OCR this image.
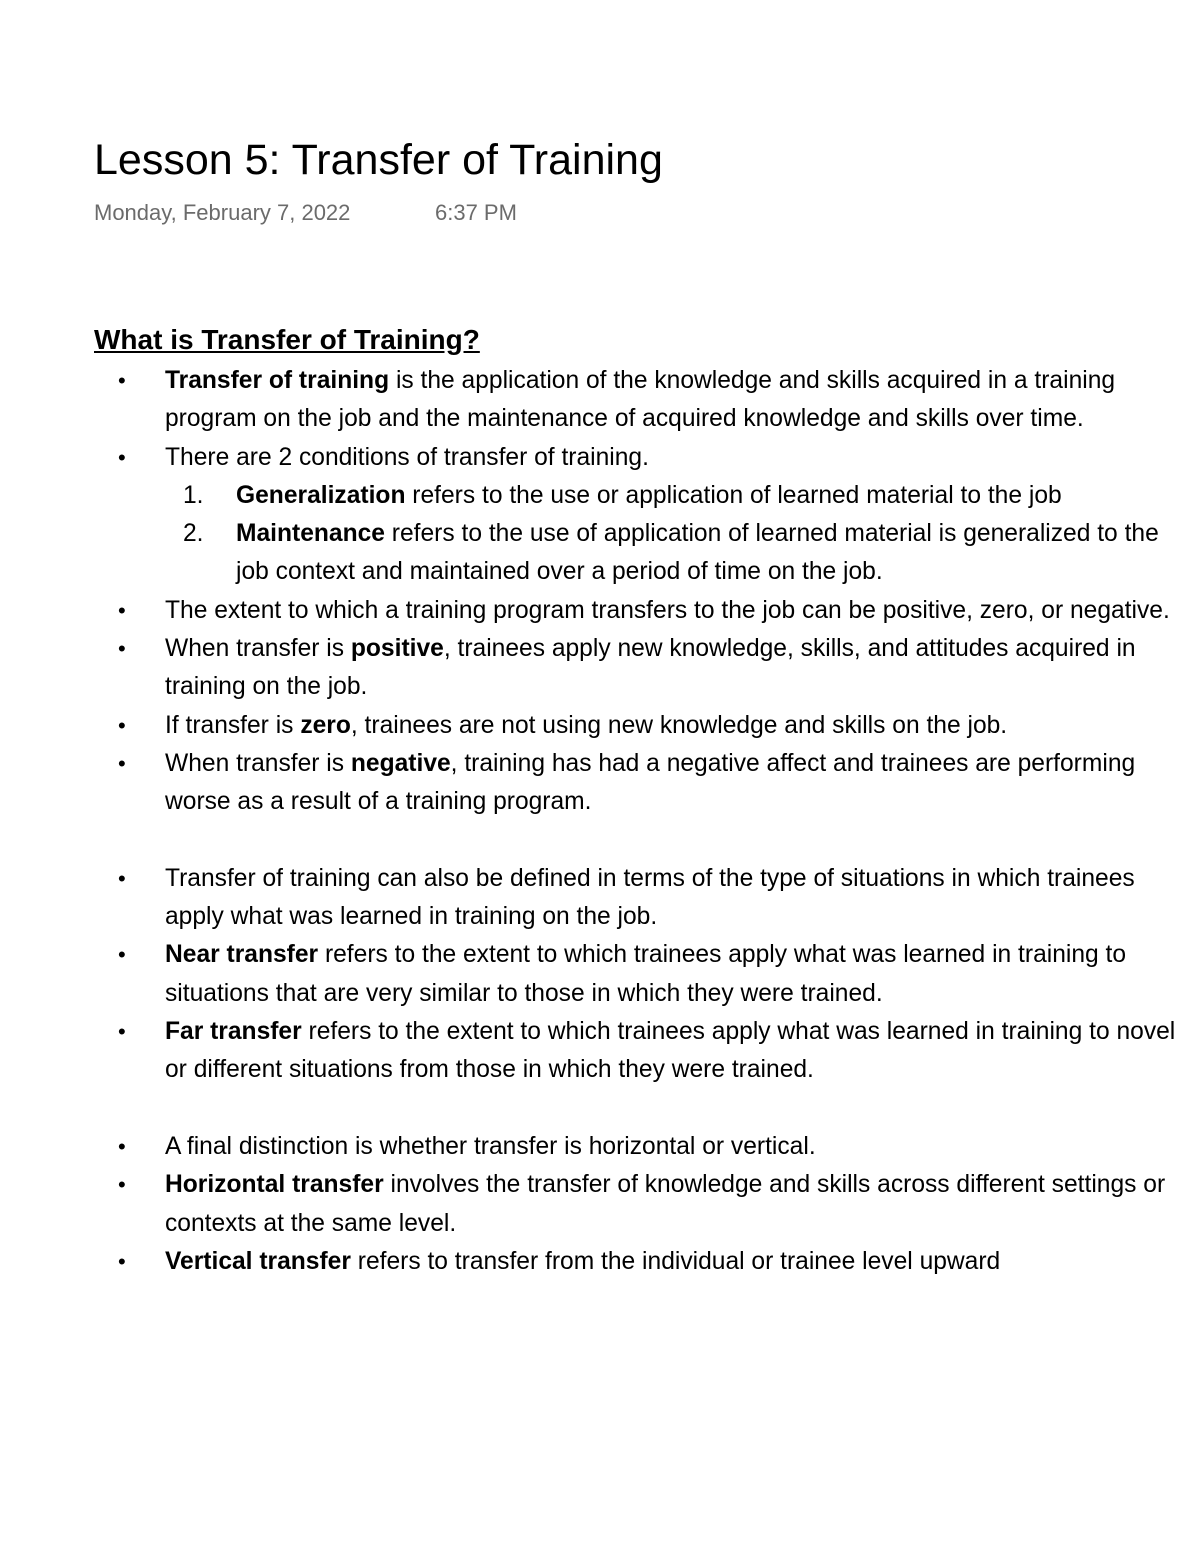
Lesson 5: Transfer of Training
Monday, February 7, 2022	6:37 PM
What is Transfer of Training?
• Transfer of training is the application of the knowledge and skills acquired in a training program on the job and the maintenance of acquired knowledge and skills over time.
• There are 2 conditions of transfer of training.
1. Generalization refers to the use or application of learned material to the job
2. Maintenance refers to the use of application of learned material is generalized to the job context and maintained over a period of time on the job.
• The extent to which a training program transfers to the job can be positive, zero, or negative.
• When transfer is positive, trainees apply new knowledge, skills, and attitudes acquired in training on the job.
• If transfer is zero, trainees are not using new knowledge and skills on the job.
• When transfer is negative, training has had a negative affect and trainees are performing worse as a result of a training program.
• Transfer of training can also be defined in terms of the type of situations in which trainees apply what was learned in training on the job.
• Near transfer refers to the extent to which trainees apply what was learned in training to situations that are very similar to those in which they were trained.
• Far transfer refers to the extent to which trainees apply what was learned in training to novel or different situations from those in which they were trained.
• A final distinction is whether transfer is horizontal or vertical.
• Horizontal transfer involves the transfer of knowledge and skills across different settings or contexts at the same level.
• Vertical transfer refers to transfer from the individual or trainee level upward
